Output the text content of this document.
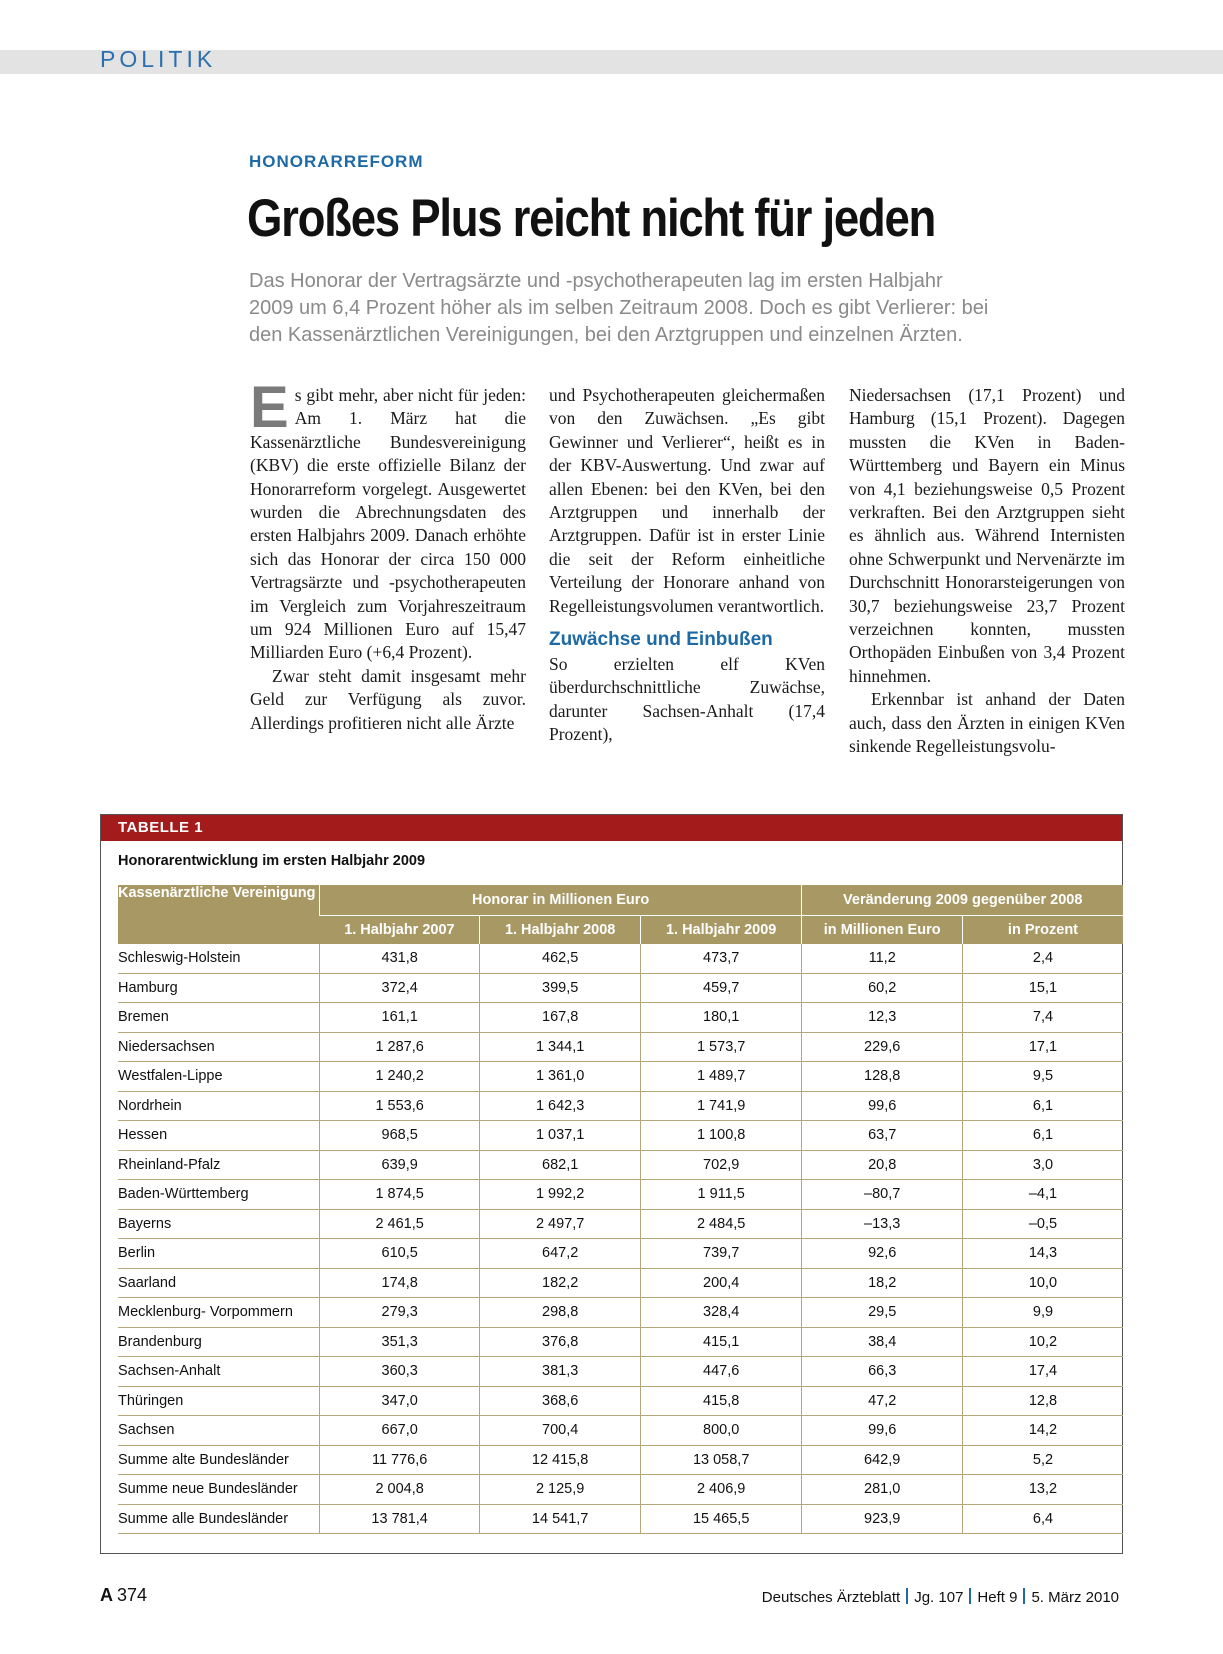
POLITIK
HONORARREFORM
Großes Plus reicht nicht für jeden

Das Honorar der Vertragsärzte und -psychotherapeuten lag im ersten Halbjahr

2009 um 6,4 Prozent höher als im selben Zeitraum 2008. Doch es gibt Verlierer: bei

den Kassenärztlichen Vereinigungen, bei den Arztgruppen und einzelnen Ärzten.

Es gibt mehr, aber nicht für jeden: Am 1. März hat die Kassenärztliche Bundesvereinigung (KBV) die erste offizielle Bilanz der Honorarreform vorgelegt. Ausgewertet wurden die Abrechnungsdaten des ersten Halbjahrs 2009. Danach erhöhte sich das Honorar der circa 150 000 Vertragsärzte und -psychotherapeuten im Vergleich zum Vorjahreszeitraum um 924 Millionen Euro auf 15,47 Milliarden Euro (+6,4 Prozent).

Zwar steht damit insgesamt mehr Geld zur Verfügung als zuvor. Allerdings profitieren nicht alle Ärzte

und Psychotherapeuten gleichermaßen von den Zuwächsen. „Es gibt Gewinner und Verlierer“, heißt es in der KBV-Auswertung. Und zwar auf allen Ebenen: bei den KVen, bei den Arztgruppen und innerhalb der Arztgruppen. Dafür ist in erster Linie die seit der Reform einheitliche Verteilung der Honorare anhand von Regelleistungsvolumen verantwortlich.

Zuwächse und Einbußen

So erzielten elf KVen überdurchschnittliche Zuwächse, darunter Sachsen-Anhalt (17,4 Prozent),

Niedersachsen (17,1 Prozent) und Hamburg (15,1 Prozent). Dagegen mussten die KVen in Baden-Württemberg und Bayern ein Minus von 4,1 beziehungsweise 0,5 Prozent verkraften. Bei den Arztgruppen sieht es ähnlich aus. Während Internisten ohne Schwerpunkt und Nervenärzte im Durchschnitt Honorarsteigerungen von 30,7 beziehungsweise 23,7 Prozent verzeichnen konnten, mussten Orthopäden Einbußen von 3,4 Prozent hinnehmen.

Erkennbar ist anhand der Daten auch, dass den Ärzten in einigen KVen sinkende Regelleistungsvolu-

TABELLE 1
Honorarentwicklung im ersten Halbjahr 2009
Kassenärztliche Vereinigung	Honorar in Millionen Euro			Veränderung 2009 gegenüber 2008	
	1. Halbjahr 2007	1. Halbjahr 2008	1. Halbjahr 2009	in Millionen Euro	in Prozent
Schleswig-Holstein	431,8	462,5	473,7	11,2	2,4
Hamburg	372,4	399,5	459,7	60,2	15,1
Bremen	161,1	167,8	180,1	12,3	7,4
Niedersachsen	1 287,6	1 344,1	1 573,7	229,6	17,1
Westfalen-Lippe	1 240,2	1 361,0	1 489,7	128,8	9,5
Nordrhein	1 553,6	1 642,3	1 741,9	99,6	6,1
Hessen	968,5	1 037,1	1 100,8	63,7	6,1
Rheinland-Pfalz	639,9	682,1	702,9	20,8	3,0
Baden-Württemberg	1 874,5	1 992,2	1 911,5	–80,7	–4,1
Bayerns	2 461,5	2 497,7	2 484,5	–13,3	–0,5
Berlin	610,5	647,2	739,7	92,6	14,3
Saarland	174,8	182,2	200,4	18,2	10,0
Mecklenburg- Vorpommern	279,3	298,8	328,4	29,5	9,9
Brandenburg	351,3	376,8	415,1	38,4	10,2
Sachsen-Anhalt	360,3	381,3	447,6	66,3	17,4
Thüringen	347,0	368,6	415,8	47,2	12,8
Sachsen	667,0	700,4	800,0	99,6	14,2
Summe alte Bundesländer	11 776,6	12 415,8	13 058,7	642,9	5,2
Summe neue Bundesländer	2 004,8	2 125,9	2 406,9	281,0	13,2
Summe alle Bundesländer	13 781,4	14 541,7	15 465,5	923,9	6,4
A 374	Deutsches Ärzteblatt Jg. 107 Heft 9 5. März 2010
